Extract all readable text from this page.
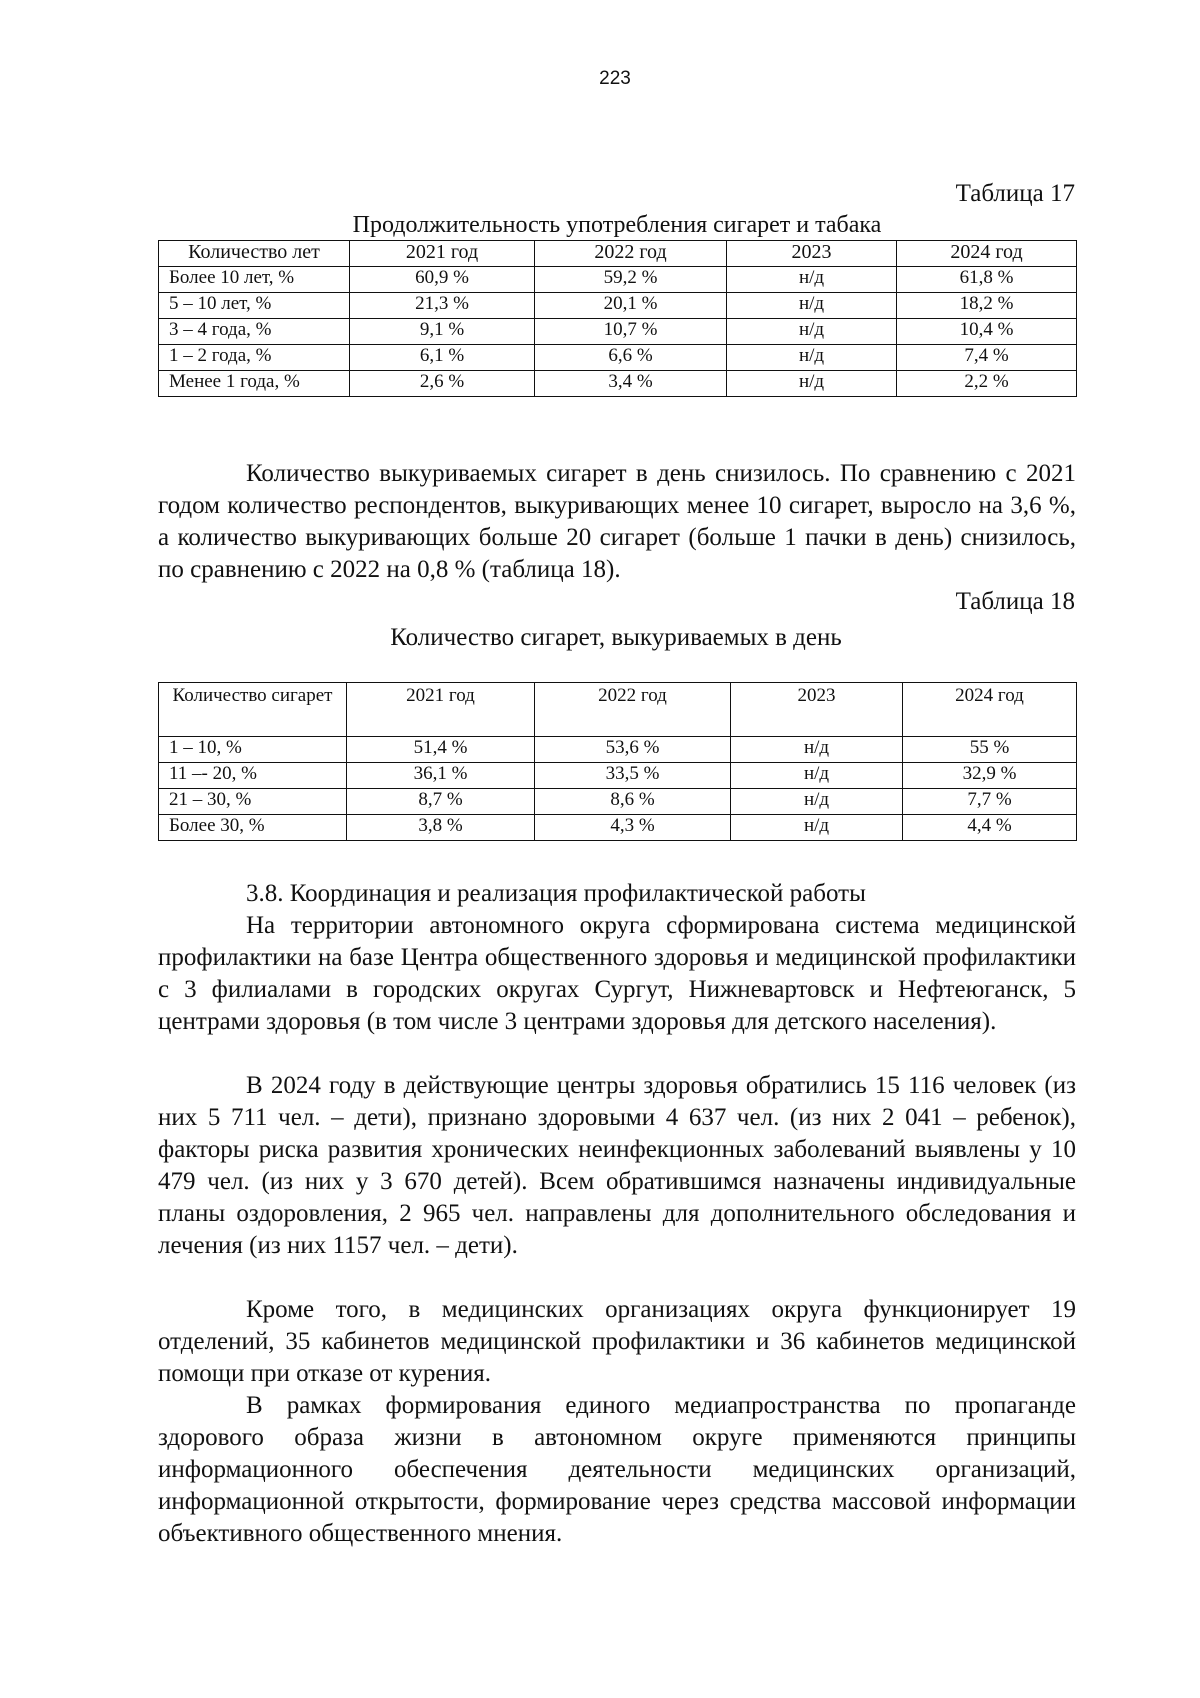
223
Таблица 17
Продолжительность употребления сигарет и табака
Количество лет	2021 год	2022 год	2023	2024 год
Более 10 лет, %	60,9 %	59,2 %	н/д	61,8 %
5 – 10 лет, %	21,3 %	20,1 %	н/д	18,2 %
3 – 4 года, %	9,1 %	10,7 %	н/д	10,4 %
1 – 2 года, %	6,1 %	6,6 %	н/д	7,4 %
Менее 1 года, %	2,6 %	3,4 %	н/д	2,2 %

Количество выкуриваемых сигарет в день снизилось. По сравнению с 2021 годом количество респондентов, выкуривающих менее 10 сигарет, выросло на 3,6 %, а количество выкуривающих больше 20 сигарет (больше 1 пачки в день) снизилось, по сравнению с 2022 на 0,8 % (таблица 18).

Таблица 18
Количество сигарет, выкуриваемых в день
Количество сигарет	2021 год	2022 год	2023	2024 год
1 – 10, %	51,4 %	53,6 %	н/д	55 %
11 –- 20, %	36,1 %	33,5 %	н/д	32,9 %
21 – 30, %	8,7 %	8,6 %	н/д	7,7 %
Более 30, %	3,8 %	4,3 %	н/д	4,4 %
3.8. Координация и реализация профилактической работы

На территории автономного округа сформирована система медицинской профилактики на базе Центра общественного здоровья и медицинской профилактики с 3 филиалами в городских округах Сургут, Нижневартовск и Нефтеюганск, 5 центрами здоровья (в том числе 3 центрами здоровья для детского населения).

В 2024 году в действующие центры здоровья обратились 15 116 человек (из них 5 711 чел. – дети), признано здоровыми 4 637 чел. (из них 2 041 – ребенок), факторы риска развития хронических неинфекционных заболеваний выявлены у 10 479 чел. (из них у 3 670 детей). Всем обратившимся назначены индивидуальные планы оздоровления, 2 965 чел. направлены для дополнительного обследования и лечения (из них 1157 чел. – дети).

Кроме того, в медицинских организациях округа функционирует 19 отделений, 35 кабинетов медицинской профилактики и 36 кабинетов медицинской помощи при отказе от курения.

В рамках формирования единого медиапространства по пропаганде здорового образа жизни в автономном округе применяются принципы информационного обеспечения деятельности медицинских организаций, информационной открытости, формирование через средства массовой информации объективного общественного мнения.
